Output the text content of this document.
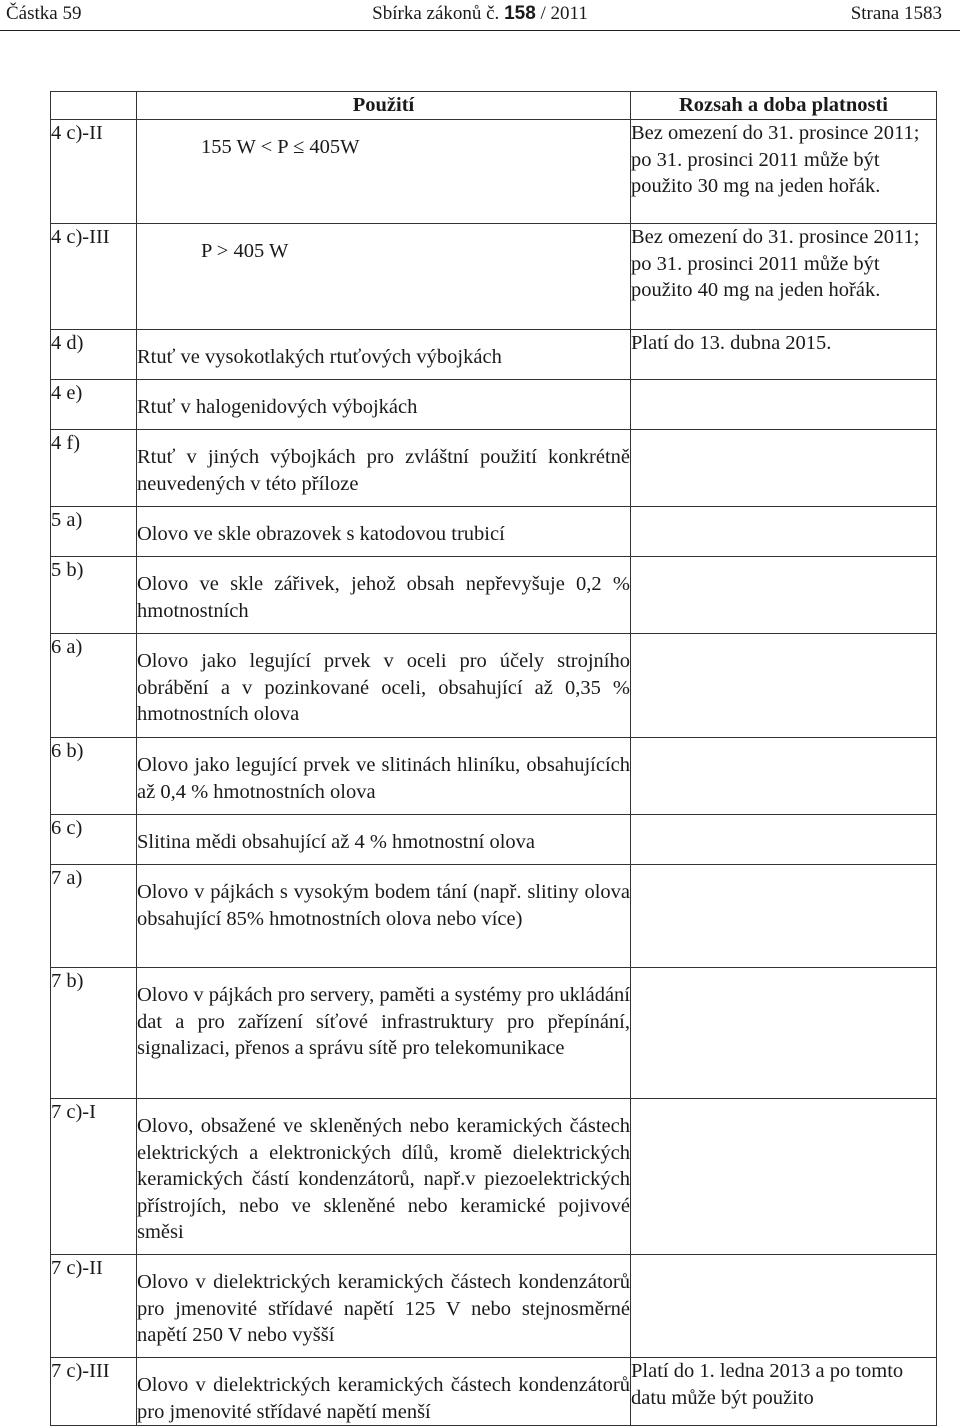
Částka 59	Sbírka zákonů č. 158 / 2011	Strana 1583
	Použití	Rozsah a doba platnosti
4 c)-II	155 W < P ≤ 405W	Bez omezení do 31. prosince 2011; po 31. prosinci 2011 může být použito 30 mg na jeden hořák.
4 c)-III	P > 405 W	Bez omezení do 31. prosince 2011; po 31. prosinci 2011 může být použito 40 mg na jeden hořák.
4 d)	Rtuť ve vysokotlakých rtuťových výbojkách	Platí do 13. dubna 2015.
4 e)	Rtuť v halogenidových výbojkách	
4 f)	Rtuť v jiných výbojkách pro zvláštní použití konkrétně neuvedených v této příloze	
5 a)	Olovo ve skle obrazovek s katodovou trubicí	
5 b)	Olovo ve skle zářivek, jehož obsah nepřevyšuje 0,2 % hmotnostních	
6 a)	Olovo jako legující prvek v oceli pro účely strojního obrábění a v pozinkované oceli, obsahující až 0,35 % hmotnostních olova	
6 b)	Olovo jako legující prvek ve slitinách hliníku, obsahujících až 0,4 % hmotnostních olova	
6 c)	Slitina mědi obsahující až 4 % hmotnostní olova	
7 a)	Olovo v pájkách s vysokým bodem tání (např. slitiny olova obsahující 85% hmotnostních olova nebo více)	
7 b)	Olovo v pájkách pro servery, paměti a systémy pro ukládání dat a pro zařízení síťové infrastruktury pro přepínání, signalizaci, přenos a správu sítě pro telekomunikace	
7 c)-I	Olovo, obsažené ve skleněných nebo keramických částech elektrických a elektronických dílů, kromě dielektrických keramických částí kondenzátorů, např.v piezoelektrických přístrojích, nebo ve skleněné nebo keramické pojivové směsi	
7 c)-II	Olovo v dielektrických keramických částech kondenzátorů pro jmenovité střídavé napětí 125 V nebo stejnosměrné napětí 250 V nebo vyšší	
7 c)-III	Olovo v dielektrických keramických částech kondenzátorů pro jmenovité střídavé napětí menší	Platí do 1. ledna 2013 a po tomto datu může být použito
